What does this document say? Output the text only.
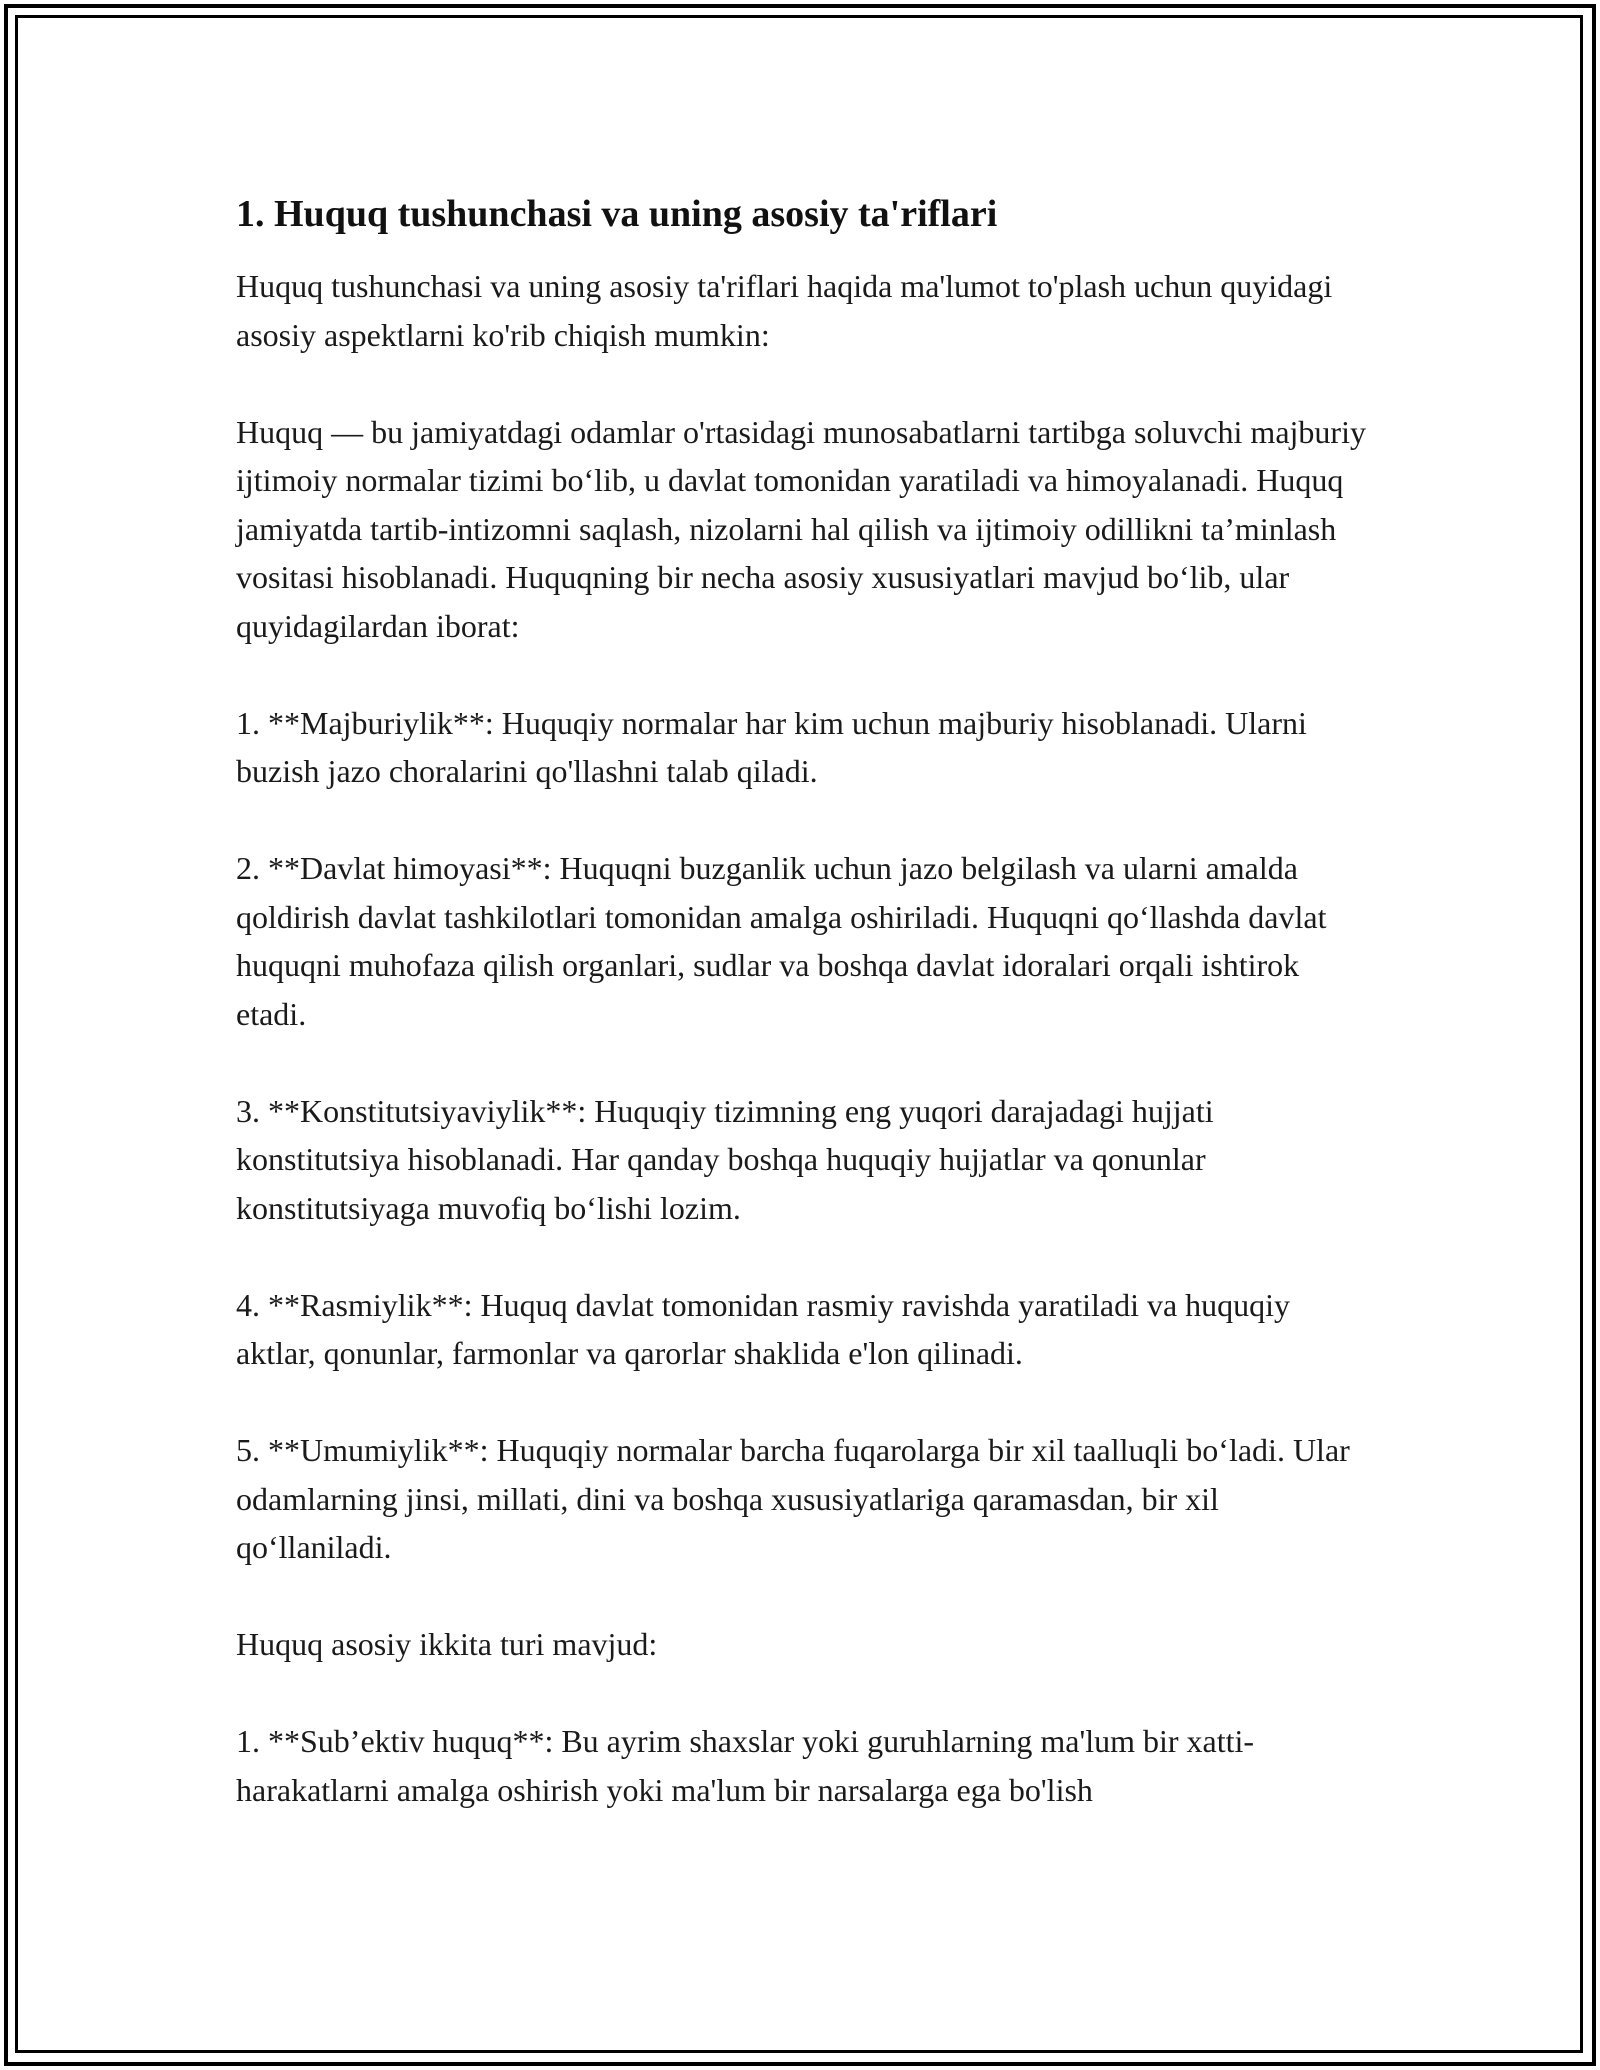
1. Huquq tushunchasi va uning asosiy ta'riflari

Huquq tushunchasi va uning asosiy ta'riflari haqida ma'lumot to'plash uchun quyidagi asosiy aspektlarni ko'rib chiqish mumkin:

Huquq — bu jamiyatdagi odamlar o'rtasidagi munosabatlarni tartibga soluvchi majburiy ijtimoiy normalar tizimi bo‘lib, u davlat tomonidan yaratiladi va himoyalanadi. Huquq jamiyatda tartib-intizomni saqlash, nizolarni hal qilish va ijtimoiy odillikni ta’minlash vositasi hisoblanadi. Huquqning bir necha asosiy xususiyatlari mavjud bo‘lib, ular quyidagilardan iborat:

1. **Majburiylik**: Huquqiy normalar har kim uchun majburiy hisoblanadi. Ularni buzish jazo choralarini qo'llashni talab qiladi.

2. **Davlat himoyasi**: Huquqni buzganlik uchun jazo belgilash va ularni amalda qoldirish davlat tashkilotlari tomonidan amalga oshiriladi. Huquqni qo‘llashda davlat huquqni muhofaza qilish organlari, sudlar va boshqa davlat idoralari orqali ishtirok etadi.

3. **Konstitutsiyaviylik**: Huquqiy tizimning eng yuqori darajadagi hujjati konstitutsiya hisoblanadi. Har qanday boshqa huquqiy hujjatlar va qonunlar konstitutsiyaga muvofiq bo‘lishi lozim.

4. **Rasmiylik**: Huquq davlat tomonidan rasmiy ravishda yaratiladi va huquqiy aktlar, qonunlar, farmonlar va qarorlar shaklida e'lon qilinadi.

5. **Umumiylik**: Huquqiy normalar barcha fuqarolarga bir xil taalluqli bo‘ladi. Ular odamlarning jinsi, millati, dini va boshqa xususiyatlariga qaramasdan, bir xil qo‘llaniladi.

Huquq asosiy ikkita turi mavjud:

1. **Sub’ektiv huquq**: Bu ayrim shaxslar yoki guruhlarning ma'lum bir xatti-harakatlarni amalga oshirish yoki ma'lum bir narsalarga ega bo'lish
